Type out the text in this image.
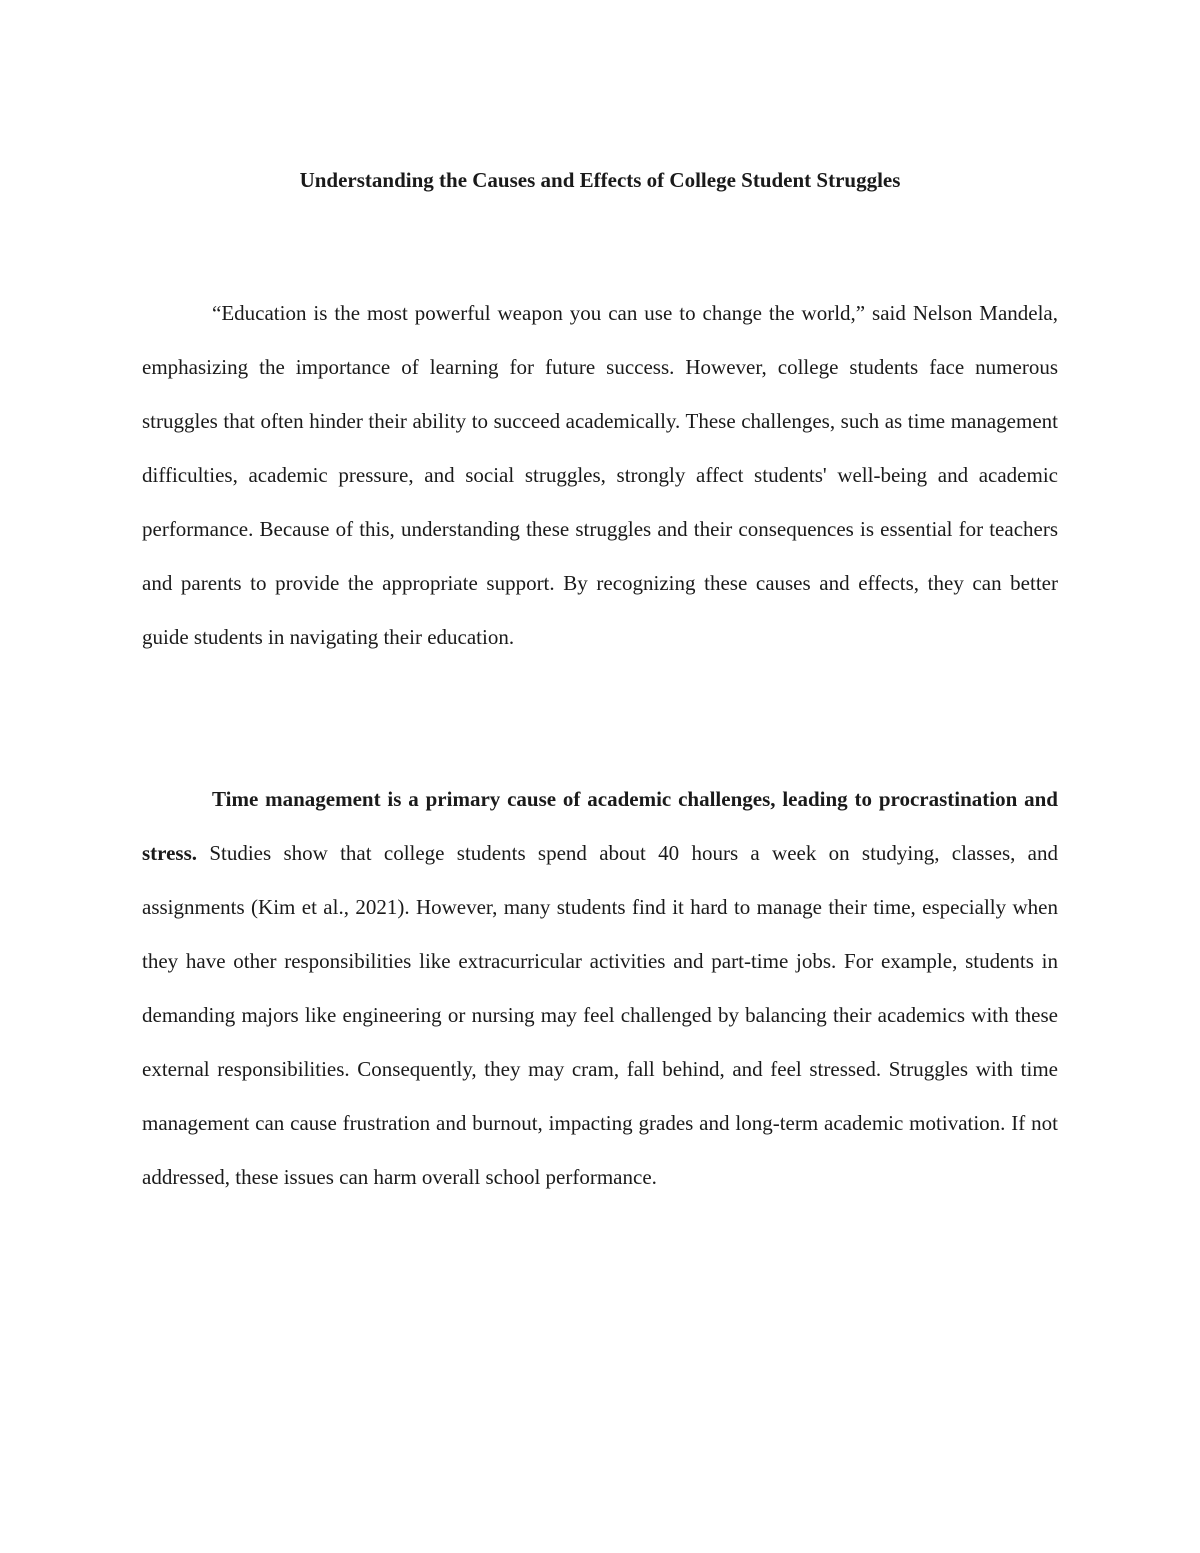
Understanding the Causes and Effects of College Student Struggles

“Education is the most powerful weapon you can use to change the world,” said Nelson Mandela, emphasizing the importance of learning for future success. However, college students face numerous struggles that often hinder their ability to succeed academically. These challenges, such as time management difficulties, academic pressure, and social struggles, strongly affect students' well-being and academic performance. Because of this, understanding these struggles and their consequences is essential for teachers and parents to provide the appropriate support. By recognizing these causes and effects, they can better guide students in navigating their education.

Time management is a primary cause of academic challenges, leading to procrastination and stress. Studies show that college students spend about 40 hours a week on studying, classes, and assignments (Kim et al., 2021). However, many students find it hard to manage their time, especially when they have other responsibilities like extracurricular activities and part-time jobs. For example, students in demanding majors like engineering or nursing may feel challenged by balancing their academics with these external responsibilities. Consequently, they may cram, fall behind, and feel stressed. Struggles with time management can cause frustration and burnout, impacting grades and long-term academic motivation. If not addressed, these issues can harm overall school performance.
